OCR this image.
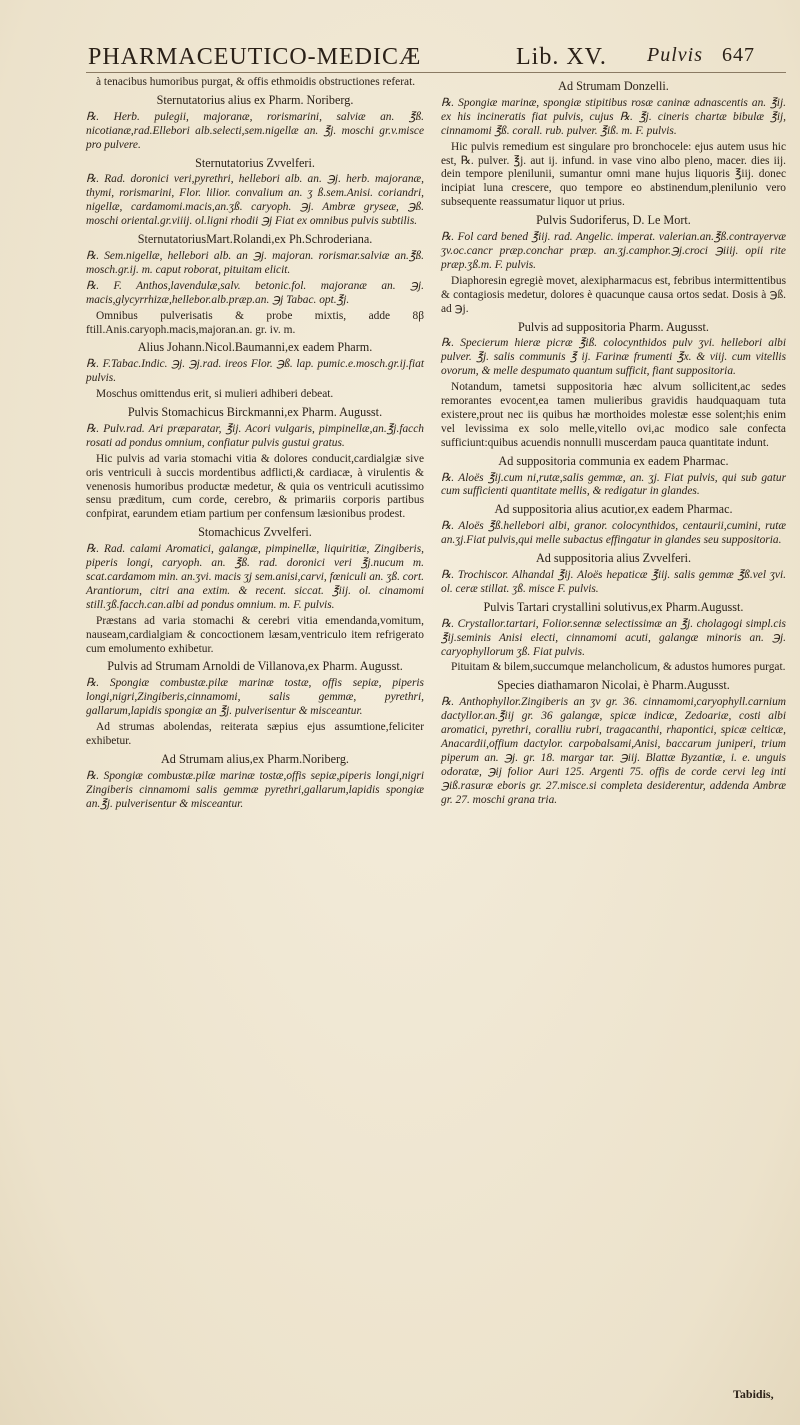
PHARMACEUTICO-MEDICÆ	Lib. XV. Pulvis 647

à tenacibus humoribus purgat, & offis ethmoidis obstructiones referat.

Sternutatorius alius ex Pharm. Noriberg.

℞. Herb. pulegii, majoranæ, rorismarini, salviæ an. ℥ß. nicotianæ,rad.Ellebori alb.selecti,sem.nigellæ an. ℥j. moschi gr.v.misce pro pulvere.

Sternutatorius Zvvelferi.

℞. Rad. doronici veri,pyrethri, hellebori alb. an. ℈j. herb. majoranæ, thymi, rorismarini, Flor. lilior. convalium an. ʒ ß.sem.Anisi. coriandri, nigellæ, cardamomi.macis,an.ʒß. caryoph. ℈j. Ambræ gryseæ, ℈ß. moschi oriental.gr.viiij. ol.ligni rhodii ℈j Fiat ex omnibus pulvis subtilis.

SternutatoriusMart.Rolandi,ex Ph.Schroderiana.

℞. Sem.nigellæ, hellebori alb. an ℈j. majoran. rorismar.salviæ an.℥ß. mosch.gr.ij. m. caput roborat, pituitam elicit.

℞. F. Anthos,lavendulæ,salv. betonic.fol. majoranæ an. ℈j. macis,glycyrrhizæ,hellebor.alb.præp.an. ℈j Tabac. opt.℥j.

Omnibus pulverisatis & probe mixtis, adde 8β ftill.Anis.caryoph.macis,majoran.an. gr. iv. m.

Alius Johann.Nicol.Baumanni,ex eadem Pharm.

℞. F.Tabac.Indic. ℈j. ℈j.rad. ireos Flor. ℈ß. lap. pumic.e.mosch.gr.ij.fiat pulvis.

Moschus omittendus erit, si mulieri adhiberi debeat.

Pulvis Stomachicus Birckmanni,ex Pharm. Augusst.

℞. Pulv.rad. Ari præparatar, ℥ij. Acori vulgaris, pimpinellæ,an.℥j.facch rosati ad pondus omnium, confiatur pulvis gustui gratus.

Hic pulvis ad varia stomachi vitia & dolores conducit,cardialgiæ sive oris ventriculi à succis mordentibus adflicti,& cardiacæ, à virulentis & venenosis humoribus productæ medetur, & quia os ventriculi acutissimo sensu præditum, cum corde, cerebro, & primariis corporis partibus confpirat, earundem etiam partium per confensum læsionibus prodest.

Stomachicus Zvvelferi.

℞. Rad. calami Aromatici, galangæ, pimpinellæ, liquiritiæ, Zingiberis, piperis longi, caryoph. an. ℥ß. rad. doronici veri ℥j.nucum m. scat.cardamom min. an.ʒvi. macis ʒj sem.anisi,carvi, fœniculi an. ʒß. cort. Arantiorum, citri ana extim. & recent. siccat. ℥iij. ol. cinamomi still.ʒß.facch.can.albi ad pondus omnium. m. F. pulvis.

Præstans ad varia stomachi & cerebri vitia emendanda,vomitum, nauseam,cardialgiam & concoctionem læsam,ventriculo item refrigerato cum emolumento exhibetur.

Pulvis ad Strumam Arnoldi de Villanova,ex Pharm. Augusst.

℞. Spongiæ combustæ.pilæ marinæ tostæ, offis sepiæ, piperis longi,nigri,Zingiberis,cinnamomi, salis gemmæ, pyrethri, gallarum,lapidis spongiæ an ℥j. pulverisentur & misceantur.

Ad strumas abolendas, reiterata sæpius ejus assumtione,feliciter exhibetur.

Ad Strumam alius,ex Pharm.Noriberg.

℞. Spongiæ combustæ.pilæ marinæ tostæ,offis sepiæ,piperis longi,nigri Zingiberis cinnamomi salis gemmæ pyrethri,gallarum,lapidis spongiæ an.℥j. pulverisentur & misceantur.

Ad Strumam Donzelli.

℞. Spongiæ marinæ, spongiæ stipitibus rosæ caninæ adnascentis an. ℥ij. ex his incineratis fiat pulvis, cujus ℞. ℥j. cineris chartæ bibulæ ℥ij, cinnamomi ℥ß. corall. rub. pulver. ℥iß. m. F. pulvis.

Hic pulvis remedium est singulare pro bronchocele: ejus autem usus hic est, ℞. pulver. ℥j. aut ij. infund. in vase vino albo pleno, macer. dies iij. dein tempore plenilunii, sumantur omni mane hujus liquoris ℥iij. donec incipiat luna crescere, quo tempore eo abstinendum,plenilunio vero subsequente reassumatur liquor ut prius.

Pulvis Sudoriferus, D. Le Mort.

℞. Fol card bened ℥iij. rad. Angelic. imperat. valerian.an.℥ß.contrayervæ ʒv.oc.cancr præp.conchar præp. an.ʒj.camphor.℈j.croci ℈iiij. opii rite præp.ʒß.m. F. pulvis.

Diaphoresin egregiè movet, alexipharmacus est, febribus intermittentibus & contagiosis medetur, dolores è quacunque causa ortos sedat. Dosis à ℈ß. ad ℈j.

Pulvis ad suppositoria Pharm. Augusst.

℞. Specierum hieræ picræ ℥iß. colocynthidos pulv ʒvi. hellebori albi pulver. ℥j. salis communis ℥ ij. Farinæ frumenti ℥x. & viij. cum vitellis ovorum, & melle despumato quantum sufficit, fiant suppositoria.

Notandum, tametsi suppositoria hæc alvum sollicitent,ac sedes remorantes evocent,ea tamen mulieribus gravidis haudquaquam tuta existere,prout nec iis quibus hæ morthoides molestæ esse solent;his enim vel levissima ex solo melle,vitello ovi,ac modico sale confecta sufficiunt:quibus acuendis nonnulli muscerdam pauca quantitate indunt.

Ad suppositoria communia ex eadem Pharmac.

℞. Aloës ℥ij.cum ni,rutæ,salis gemmæ, an. ʒj. Fiat pulvis, qui sub gatur cum sufficienti quantitate mellis, & redigatur in glandes.

Ad suppositoria alius acutior,ex eadem Pharmac.

℞. Aloës ℥ß.hellebori albi, granor. colocynthidos, centaurii,cumini, rutæ an.ʒj.Fiat pulvis,qui melle subactus effingatur in glandes seu suppositoria.

Ad suppositoria alius Zvvelferi.

℞. Trochiscor. Alhandal ℥ij. Aloës hepaticæ ℥iij. salis gemmæ ℥ß.vel ʒvi. ol. ceræ stillat. ʒß. misce F. pulvis.

Pulvis Tartari crystallini solutivus,ex Pharm.Augusst.

℞. Crystallor.tartari, Folior.sennæ selectissimæ an ℥j. cholagogi simpl.cis ℥ij.seminis Anisi electi, cinnamomi acuti, galangæ minoris an. ℈j. caryophyllorum ʒß. Fiat pulvis.

Pituitam & bilem,succumque melancholicum, & adustos humores purgat.

Species diathamaron Nicolai, è Pharm.Augusst.

℞. Anthophyllor.Zingiberis an ʒv gr. 36. cinnamomi,caryophyll.carnium dactyllor.an.℥iij gr. 36 galangæ, spicæ indicæ, Zedoariæ, costi albi aromatici, pyrethri, coralliu rubri, tragacanthi, rhapontici, spicæ celticæ, Anacardii,offium dactylor. carpobalsami,Anisi, baccarum juniperi, trium piperum an. ℈j. gr. 18. margar tar. ℈iij. Blattæ Byzantiæ, i. e. unguis odoratæ, ℈ij folior Auri 125. Argenti 75. offis de corde cervi leg inti ℈iß.rasuræ eboris gr. 27.misce.si completa desiderentur, addenda Ambræ gr. 27. moschi grana tria.

Tabidis,
